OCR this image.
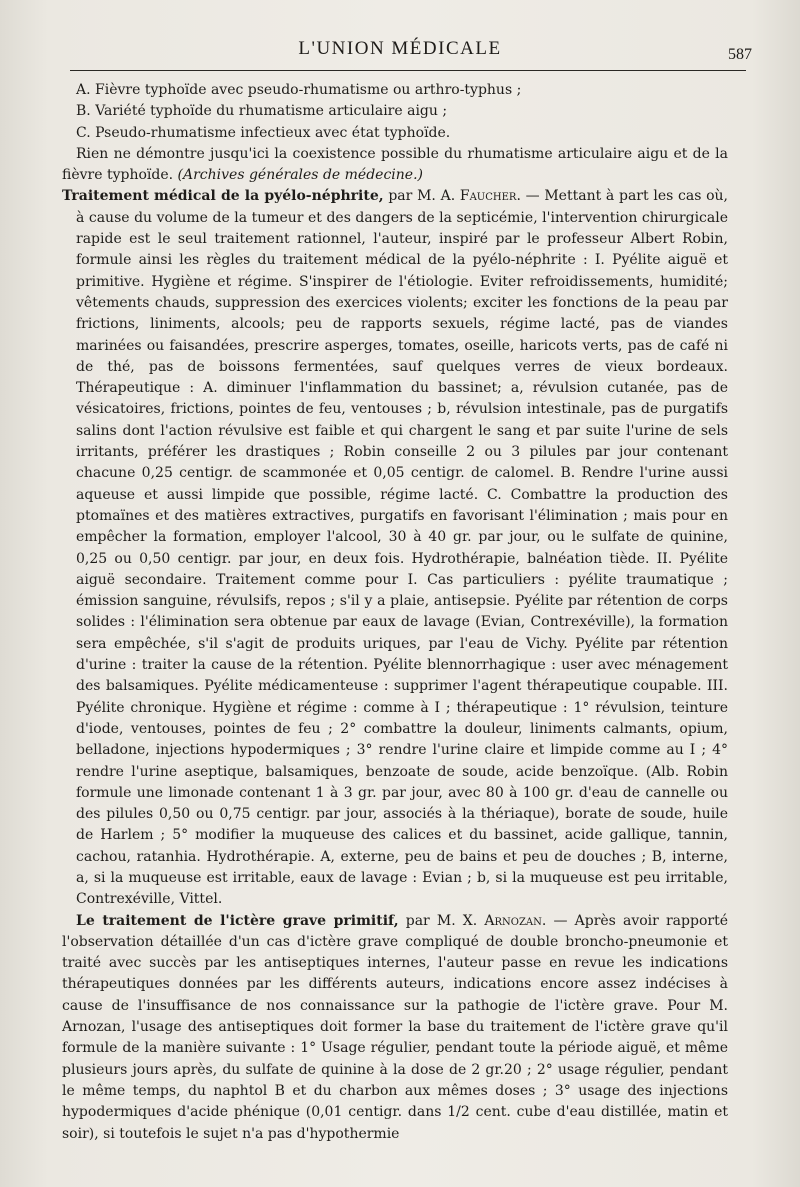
L'UNION MÉDICALE	587

A. Fièvre typhoïde avec pseudo-rhumatisme ou arthro-typhus ;

B. Variété typhoïde du rhumatisme articulaire aigu ;

C. Pseudo-rhumatisme infectieux avec état typhoïde.

Rien ne démontre jusqu'ici la coexistence possible du rhumatisme articulaire aigu et de la fièvre typhoïde. (Archives générales de médecine.)

Traitement médical de la pyélo-néphrite, par M. A. Faucher. — Mettant à part les cas où, à cause du volume de la tumeur et des dangers de la septicémie, l'intervention chirurgicale rapide est le seul traitement rationnel, l'auteur, inspiré par le professeur Albert Robin, formule ainsi les règles du traitement médical de la pyélo-néphrite : I. Pyélite aiguë et primitive. Hygiène et régime. S'inspirer de l'étiologie. Eviter refroidissements, humidité; vêtements chauds, suppression des exercices violents; exciter les fonctions de la peau par frictions, liniments, alcools; peu de rapports sexuels, régime lacté, pas de viandes marinées ou faisandées, prescrire asperges, tomates, oseille, haricots verts, pas de café ni de thé, pas de boissons fermentées, sauf quelques verres de vieux bordeaux. Thérapeutique : A. diminuer l'inflammation du bassinet; a, révulsion cutanée, pas de vésicatoires, frictions, pointes de feu, ventouses ; b, révulsion intestinale, pas de purgatifs salins dont l'action révulsive est faible et qui chargent le sang et par suite l'urine de sels irritants, préférer les drastiques ; Robin conseille 2 ou 3 pilules par jour contenant chacune 0,25 centigr. de scammonée et 0,05 centigr. de calomel. B. Rendre l'urine aussi aqueuse et aussi limpide que possible, régime lacté. C. Combattre la production des ptomaïnes et des matières extractives, purgatifs en favorisant l'élimination ; mais pour en empêcher la formation, employer l'alcool, 30 à 40 gr. par jour, ou le sulfate de quinine, 0,25 ou 0,50 centigr. par jour, en deux fois. Hydrothérapie, balnéation tiède. II. Pyélite aiguë secondaire. Traitement comme pour I. Cas particuliers : pyélite traumatique ; émission sanguine, révulsifs, repos ; s'il y a plaie, antisepsie. Pyélite par rétention de corps solides : l'élimination sera obtenue par eaux de lavage (Evian, Contrexéville), la formation sera empêchée, s'il s'agit de produits uriques, par l'eau de Vichy. Pyélite par rétention d'urine : traiter la cause de la rétention. Pyélite blennorrhagique : user avec ménagement des balsamiques. Pyélite médicamenteuse : supprimer l'agent thérapeutique coupable. III. Pyélite chronique. Hygiène et régime : comme à I ; thérapeutique : 1° révulsion, teinture d'iode, ventouses, pointes de feu ; 2° combattre la douleur, liniments calmants, opium, belladone, injections hypodermiques ; 3° rendre l'urine claire et limpide comme au I ; 4° rendre l'urine aseptique, balsamiques, benzoate de soude, acide benzoïque. (Alb. Robin formule une limonade contenant 1 à 3 gr. par jour, avec 80 à 100 gr. d'eau de cannelle ou des pilules 0,50 ou 0,75 centigr. par jour, associés à la thériaque), borate de soude, huile de Harlem ; 5° modifier la muqueuse des calices et du bassinet, acide gallique, tannin, cachou, ratanhia. Hydrothérapie. A, externe, peu de bains et peu de douches ; B, interne, a, si la muqueuse est irritable, eaux de lavage : Evian ; b, si la muqueuse est peu irritable, Contrexéville, Vittel.

Le traitement de l'ictère grave primitif, par M. X. Arnozan. — Après avoir rapporté l'observation détaillée d'un cas d'ictère grave compliqué de double broncho-pneumonie et traité avec succès par les antiseptiques internes, l'auteur passe en revue les indications thérapeutiques données par les différents auteurs, indications encore assez indécises à cause de l'insuffisance de nos connaissance sur la pathogie de l'ictère grave. Pour M. Arnozan, l'usage des antiseptiques doit former la base du traitement de l'ictère grave qu'il formule de la manière suivante : 1° Usage régulier, pendant toute la période aiguë, et même plusieurs jours après, du sulfate de quinine à la dose de 2 gr.20 ; 2° usage régulier, pendant le même temps, du naphtol B et du charbon aux mêmes doses ; 3° usage des injections hypodermiques d'acide phénique (0,01 centigr. dans 1/2 cent. cube d'eau distillée, matin et soir), si toutefois le sujet n'a pas d'hypothermie
